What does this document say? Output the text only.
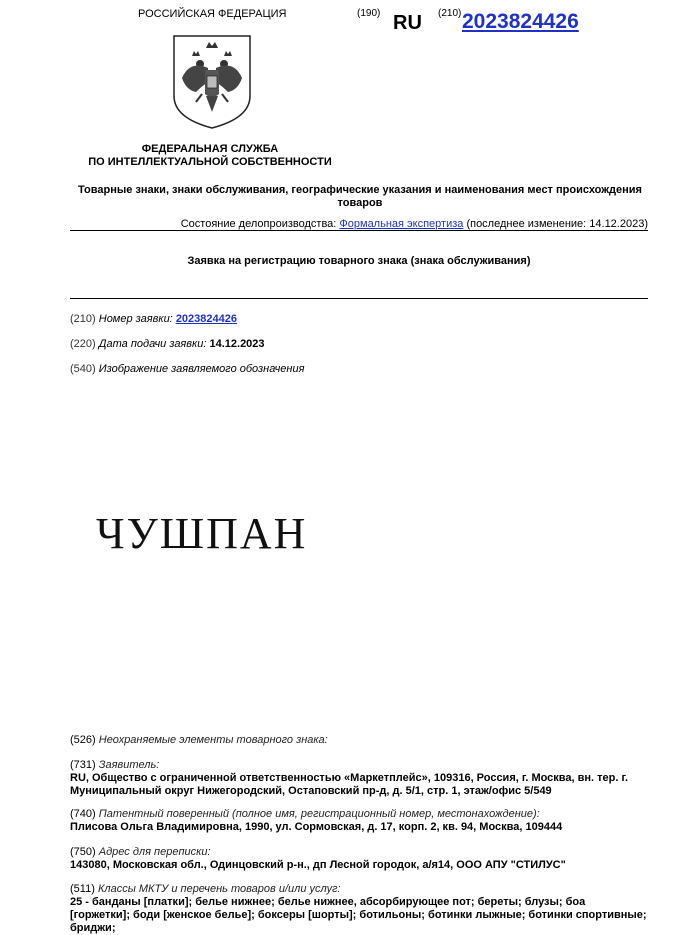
РОССИЙСКАЯ ФЕДЕРАЦИЯ	(190) RU (210) 2023824426
ФЕДЕРАЛЬНАЯ СЛУЖБА
ПО ИНТЕЛЛЕКТУАЛЬНОЙ СОБСТВЕННОСТИ
Товарные знаки, знаки обслуживания, географические указания и наименования мест происхождения товаров
Состояние делопроизводства: Формальная экспертиза (последнее изменение: 14.12.2023)
Заявка на регистрацию товарного знака (знака обслуживания)
(210) Номер заявки: 2023824426
(220) Дата подачи заявки: 14.12.2023
(540) Изображение заявляемого обозначения
ЧУШПАН
(526) Неохраняемые элементы товарного знака:
(731) Заявитель:
RU, Общество с ограниченной ответственностью «Маркетплейс», 109316, Россия, г. Москва, вн. тер. г. Муниципальный округ Нижегородский, Остаповский пр-д, д. 5/1, стр. 1, этаж/офис 5/549
(740) Патентный поверенный (полное имя, регистрационный номер, местонахождение):
Плисова Ольга Владимировна, 1990, ул. Сормовская, д. 17, корп. 2, кв. 94, Москва, 109444
(750) Адрес для переписки:
143080, Московская обл., Одинцовский р-н., дп Лесной городок, а/я14, ООО АПУ "СТИЛУС"
(511) Классы МКТУ и перечень товаров и/или услуг:
25 - банданы [платки]; белье нижнее; белье нижнее, абсорбирующее пот; береты; блузы; боа [горжетки]; боди [женское белье]; боксеры [шорты]; ботильоны; ботинки лыжные; ботинки спортивные; бриджи;
